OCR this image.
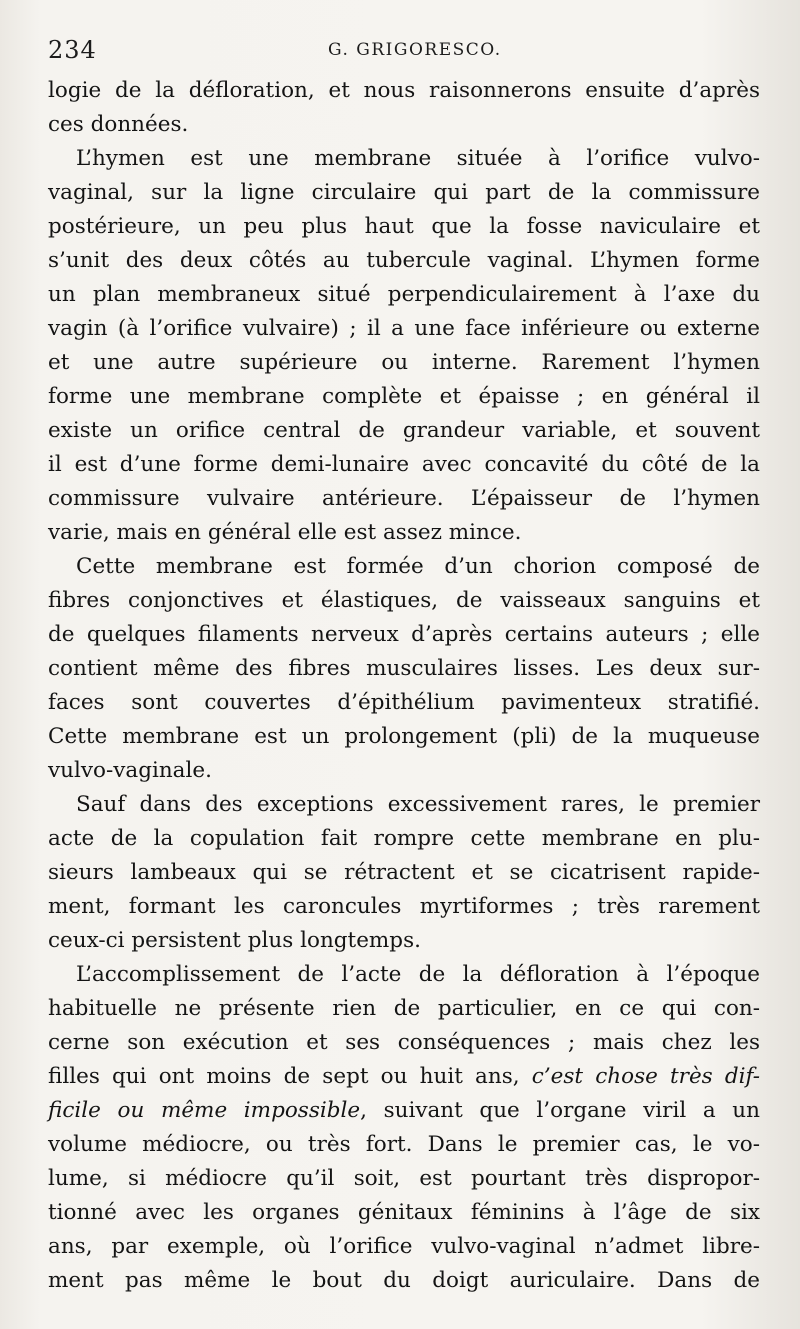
234	G. GRIGORESCO.
logie de la défloration, et nous raisonnerons ensuite d’après
ces données.
L’hymen est une membrane située à l’orifice vulvo-
vaginal, sur la ligne circulaire qui part de la commissure
postérieure, un peu plus haut que la fosse naviculaire et
s’unit des deux côtés au tubercule vaginal. L’hymen forme
un plan membraneux situé perpendiculairement à l’axe du
vagin (à l’orifice vulvaire) ; il a une face inférieure ou externe
et une autre supérieure ou interne. Rarement l’hymen
forme une membrane complète et épaisse ; en général il
existe un orifice central de grandeur variable, et souvent
il est d’une forme demi-lunaire avec concavité du côté de la
commissure vulvaire antérieure. L’épaisseur de l’hymen
varie, mais en général elle est assez mince.
Cette membrane est formée d’un chorion composé de
fibres conjonctives et élastiques, de vaisseaux sanguins et
de quelques filaments nerveux d’après certains auteurs ; elle
contient même des fibres musculaires lisses. Les deux sur-
faces sont couvertes d’épithélium pavimenteux stratifié.
Cette membrane est un prolongement (pli) de la muqueuse
vulvo-vaginale.
Sauf dans des exceptions excessivement rares, le premier
acte de la copulation fait rompre cette membrane en plu-
sieurs lambeaux qui se rétractent et se cicatrisent rapide-
ment, formant les caroncules myrtiformes ; très rarement
ceux-ci persistent plus longtemps.
L’accomplissement de l’acte de la défloration à l’époque
habituelle ne présente rien de particulier, en ce qui con-
cerne son exécution et ses conséquences ; mais chez les
filles qui ont moins de sept ou huit ans, c’est chose très dif-
ficile ou même impossible, suivant que l’organe viril a un
volume médiocre, ou très fort. Dans le premier cas, le vo-
lume, si médiocre qu’il soit, est pourtant très dispropor-
tionné avec les organes génitaux féminins à l’âge de six
ans, par exemple, où l’orifice vulvo-vaginal n’admet libre-
ment pas même le bout du doigt auriculaire. Dans de
